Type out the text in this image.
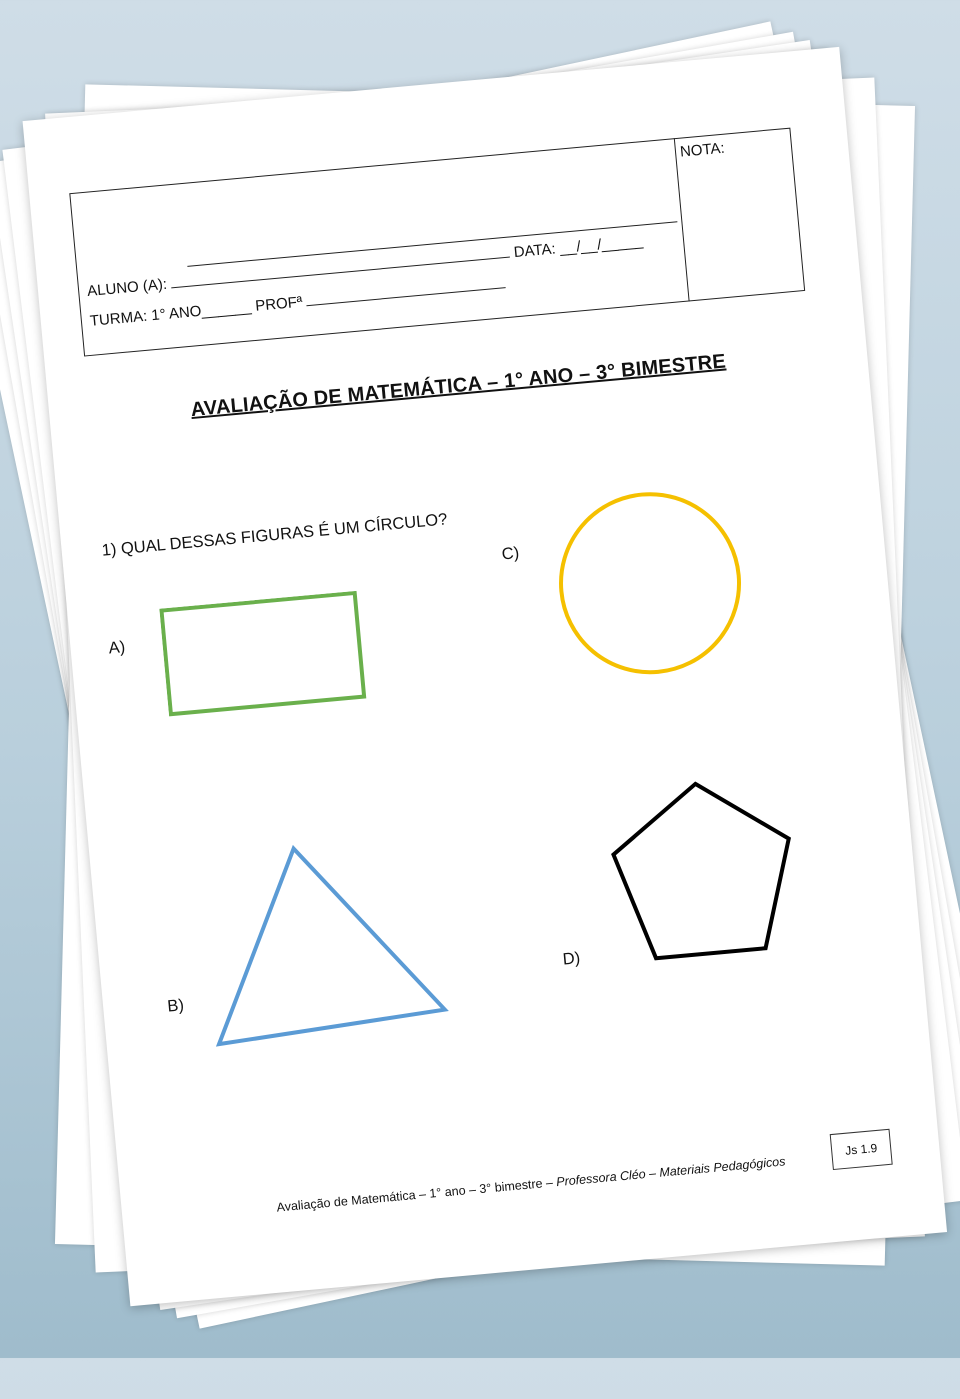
ALUNO (A):  DATA: __/__/_____
TURMA: 1° ANO______ PROFª
NOTA:
AVALIAÇÃO DE MATEMÁTICA – 1° ANO – 3° BIMESTRE
1) QUAL DESSAS FIGURAS É UM CÍRCULO?
A)
C)
B)
D)
Js 1.9
Avaliação de Matemática – 1° ano – 3° bimestre – Professora Cléo – Materiais Pedagógicos
